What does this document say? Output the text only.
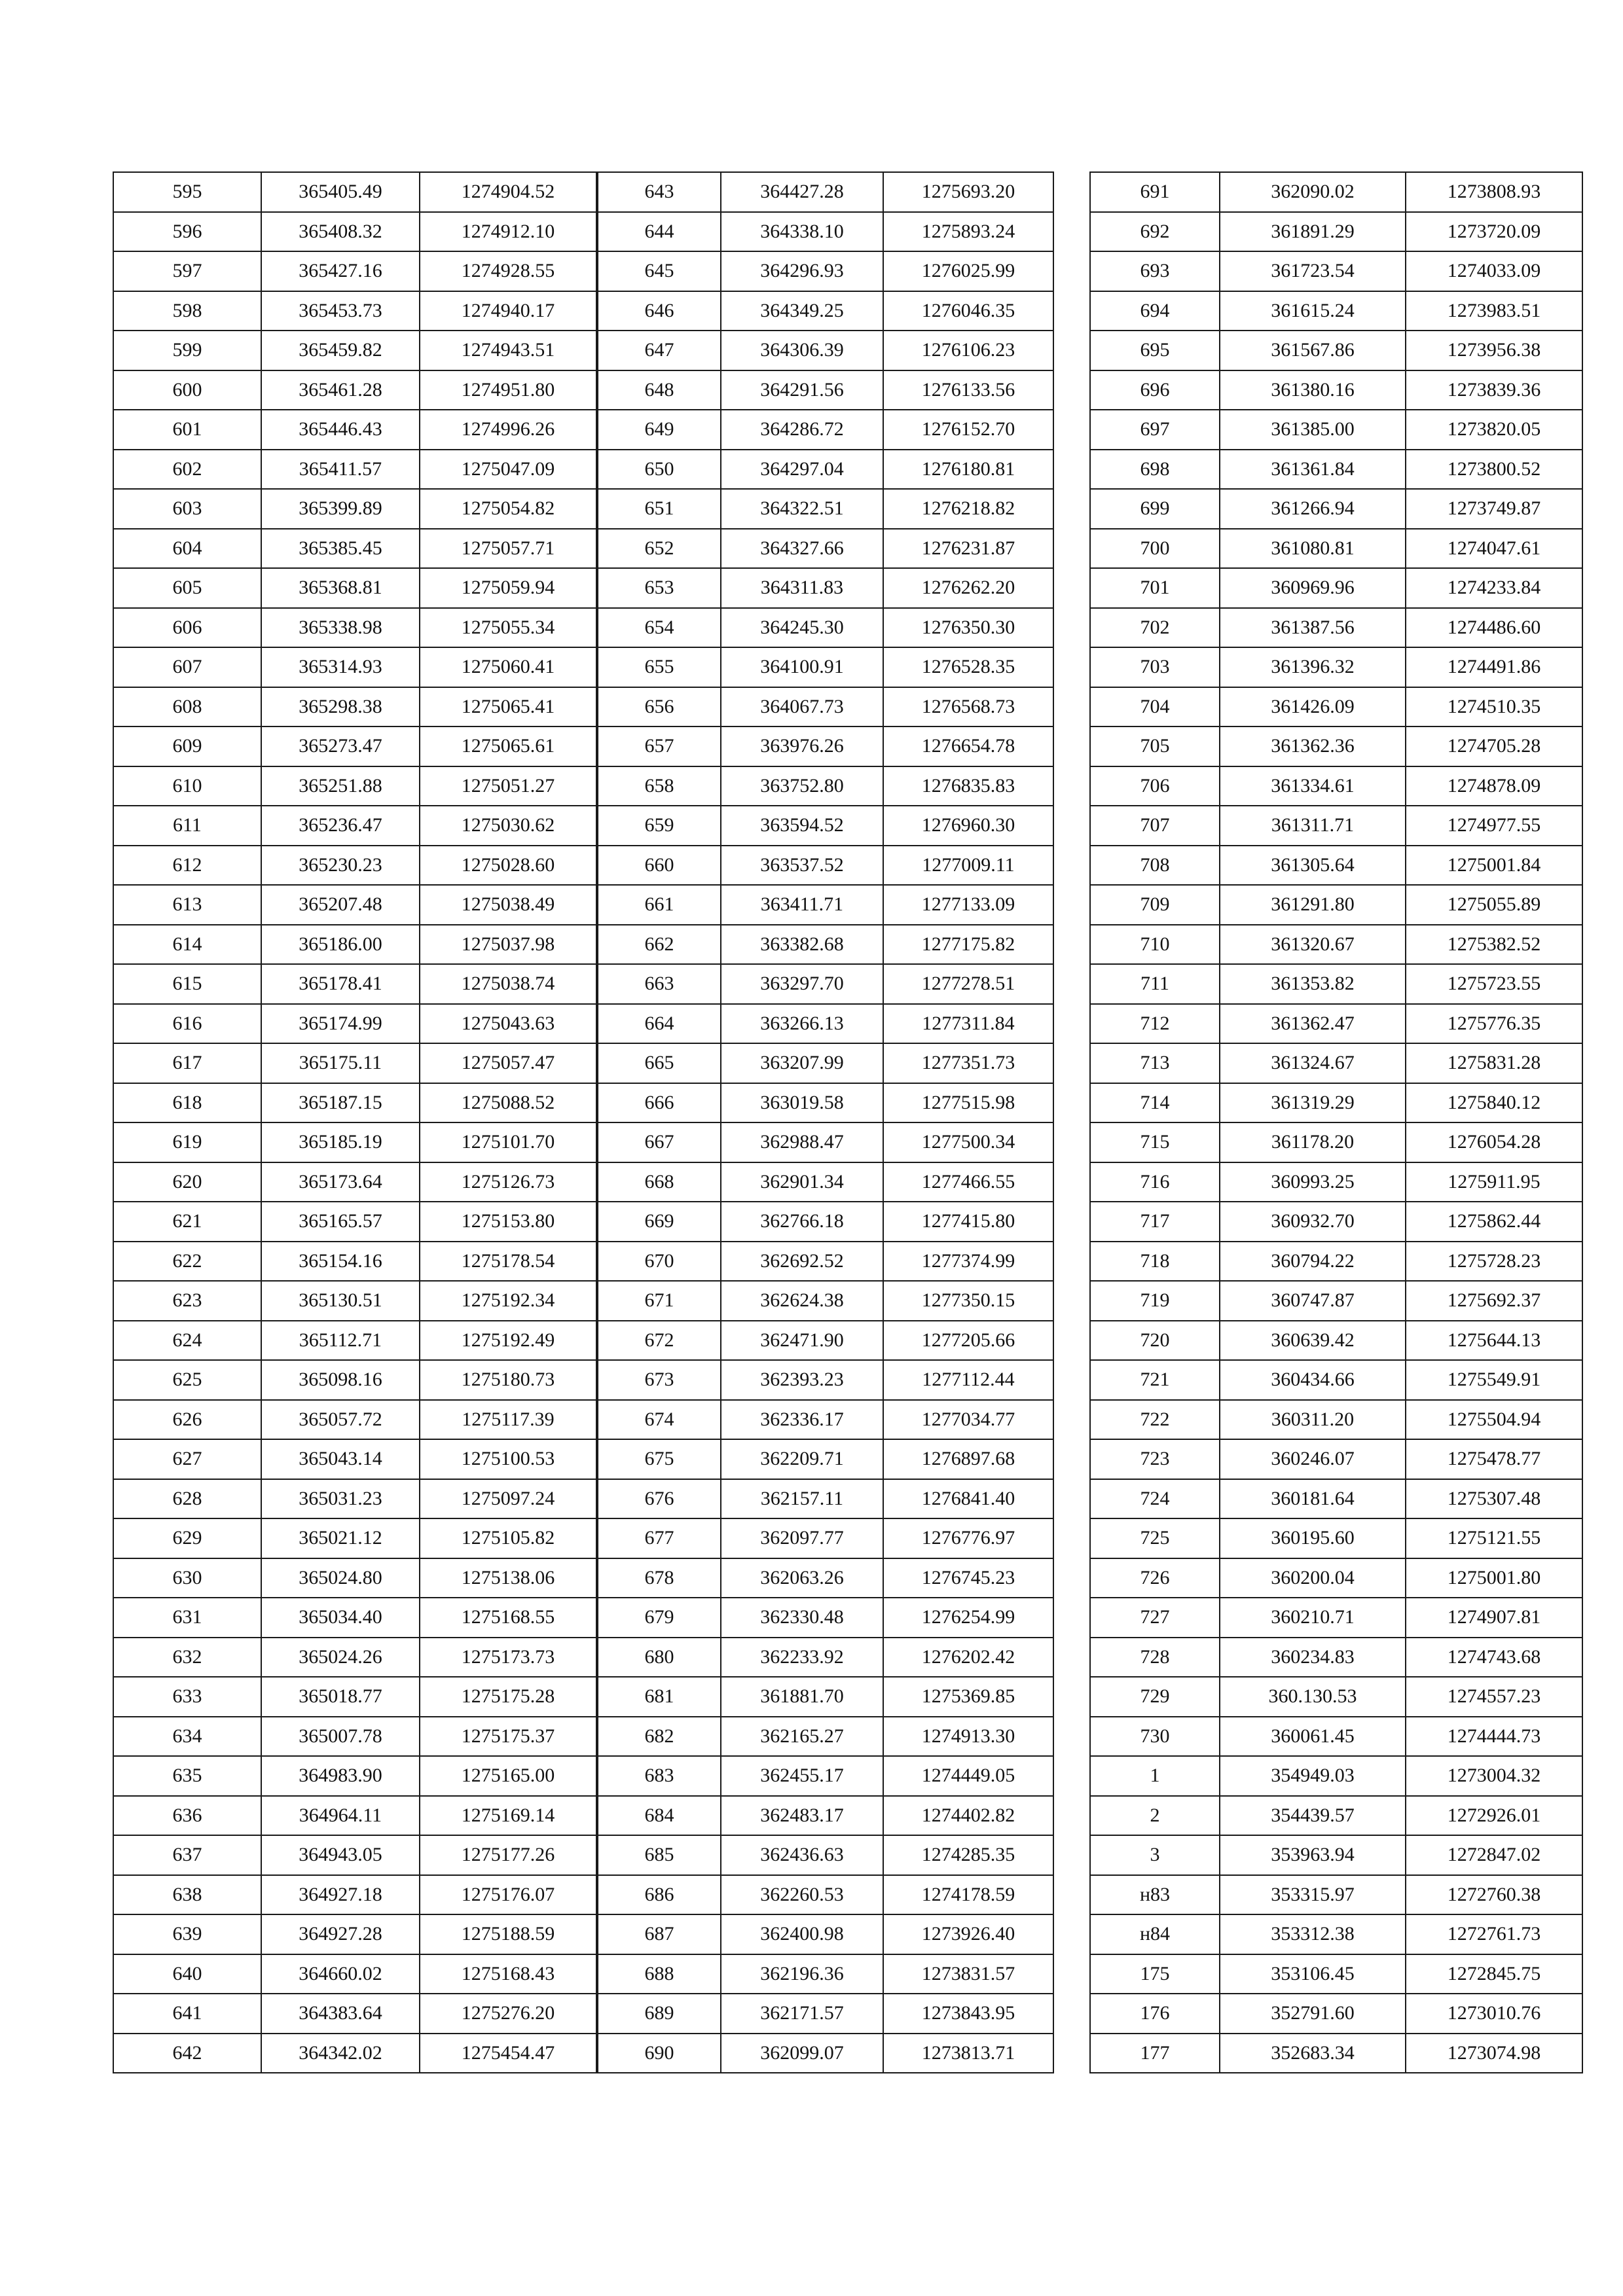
595	365405.49	1274904.52
596	365408.32	1274912.10
597	365427.16	1274928.55
598	365453.73	1274940.17
599	365459.82	1274943.51
600	365461.28	1274951.80
601	365446.43	1274996.26
602	365411.57	1275047.09
603	365399.89	1275054.82
604	365385.45	1275057.71
605	365368.81	1275059.94
606	365338.98	1275055.34
607	365314.93	1275060.41
608	365298.38	1275065.41
609	365273.47	1275065.61
610	365251.88	1275051.27
611	365236.47	1275030.62
612	365230.23	1275028.60
613	365207.48	1275038.49
614	365186.00	1275037.98
615	365178.41	1275038.74
616	365174.99	1275043.63
617	365175.11	1275057.47
618	365187.15	1275088.52
619	365185.19	1275101.70
620	365173.64	1275126.73
621	365165.57	1275153.80
622	365154.16	1275178.54
623	365130.51	1275192.34
624	365112.71	1275192.49
625	365098.16	1275180.73
626	365057.72	1275117.39
627	365043.14	1275100.53
628	365031.23	1275097.24
629	365021.12	1275105.82
630	365024.80	1275138.06
631	365034.40	1275168.55
632	365024.26	1275173.73
633	365018.77	1275175.28
634	365007.78	1275175.37
635	364983.90	1275165.00
636	364964.11	1275169.14
637	364943.05	1275177.26
638	364927.18	1275176.07
639	364927.28	1275188.59
640	364660.02	1275168.43
641	364383.64	1275276.20
642	364342.02	1275454.47
643	364427.28	1275693.20
644	364338.10	1275893.24
645	364296.93	1276025.99
646	364349.25	1276046.35
647	364306.39	1276106.23
648	364291.56	1276133.56
649	364286.72	1276152.70
650	364297.04	1276180.81
651	364322.51	1276218.82
652	364327.66	1276231.87
653	364311.83	1276262.20
654	364245.30	1276350.30
655	364100.91	1276528.35
656	364067.73	1276568.73
657	363976.26	1276654.78
658	363752.80	1276835.83
659	363594.52	1276960.30
660	363537.52	1277009.11
661	363411.71	1277133.09
662	363382.68	1277175.82
663	363297.70	1277278.51
664	363266.13	1277311.84
665	363207.99	1277351.73
666	363019.58	1277515.98
667	362988.47	1277500.34
668	362901.34	1277466.55
669	362766.18	1277415.80
670	362692.52	1277374.99
671	362624.38	1277350.15
672	362471.90	1277205.66
673	362393.23	1277112.44
674	362336.17	1277034.77
675	362209.71	1276897.68
676	362157.11	1276841.40
677	362097.77	1276776.97
678	362063.26	1276745.23
679	362330.48	1276254.99
680	362233.92	1276202.42
681	361881.70	1275369.85
682	362165.27	1274913.30
683	362455.17	1274449.05
684	362483.17	1274402.82
685	362436.63	1274285.35
686	362260.53	1274178.59
687	362400.98	1273926.40
688	362196.36	1273831.57
689	362171.57	1273843.95
690	362099.07	1273813.71
691	362090.02	1273808.93
692	361891.29	1273720.09
693	361723.54	1274033.09
694	361615.24	1273983.51
695	361567.86	1273956.38
696	361380.16	1273839.36
697	361385.00	1273820.05
698	361361.84	1273800.52
699	361266.94	1273749.87
700	361080.81	1274047.61
701	360969.96	1274233.84
702	361387.56	1274486.60
703	361396.32	1274491.86
704	361426.09	1274510.35
705	361362.36	1274705.28
706	361334.61	1274878.09
707	361311.71	1274977.55
708	361305.64	1275001.84
709	361291.80	1275055.89
710	361320.67	1275382.52
711	361353.82	1275723.55
712	361362.47	1275776.35
713	361324.67	1275831.28
714	361319.29	1275840.12
715	361178.20	1276054.28
716	360993.25	1275911.95
717	360932.70	1275862.44
718	360794.22	1275728.23
719	360747.87	1275692.37
720	360639.42	1275644.13
721	360434.66	1275549.91
722	360311.20	1275504.94
723	360246.07	1275478.77
724	360181.64	1275307.48
725	360195.60	1275121.55
726	360200.04	1275001.80
727	360210.71	1274907.81
728	360234.83	1274743.68
729	360.130.53	1274557.23
730	360061.45	1274444.73
1	354949.03	1273004.32
2	354439.57	1272926.01
3	353963.94	1272847.02
н83	353315.97	1272760.38
н84	353312.38	1272761.73
175	353106.45	1272845.75
176	352791.60	1273010.76
177	352683.34	1273074.98
